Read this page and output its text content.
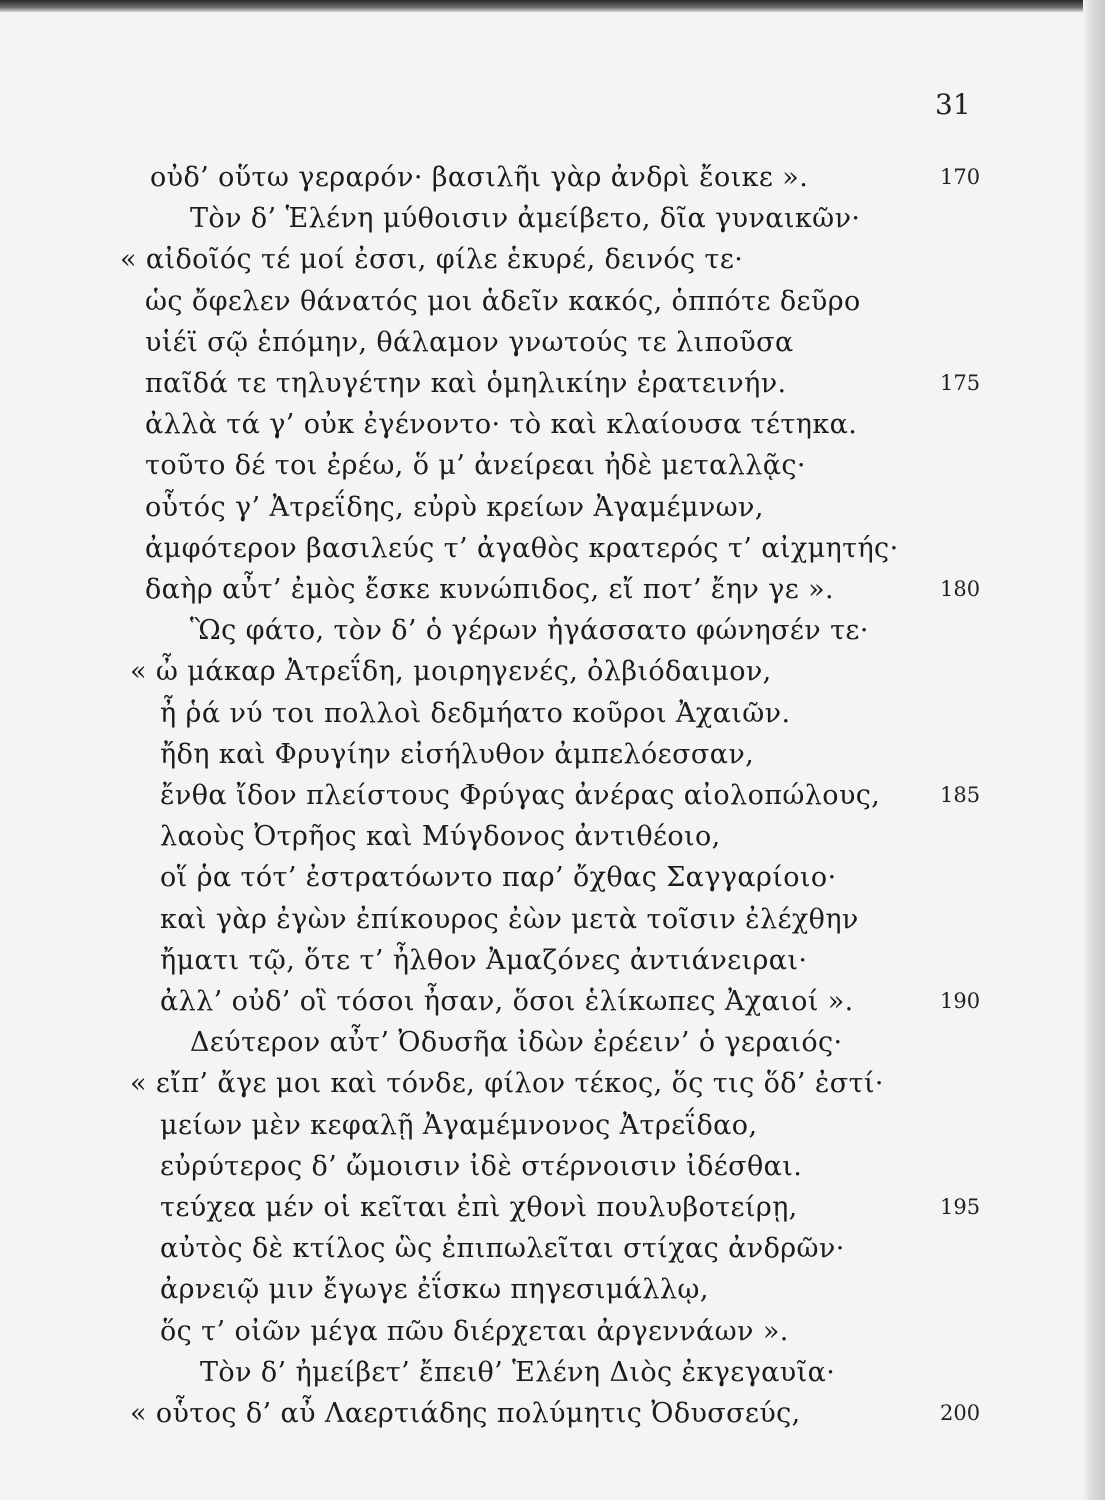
31
οὐδ’ οὕτω γεραρόν· βασιλῆι γὰρ ἀνδρὶ ἔοικε ».	170
Τὸν δ’ Ἑλένη μύθοισιν ἀμείβετο, δῖα γυναικῶν·
« αἰδοῖός τέ μοί ἐσσι, φίλε ἑκυρέ, δεινός τε·
ὡς ὄφελεν θάνατός μοι ἁδεῖν κακός, ὁππότε δεῦρο
υἱέϊ σῷ ἑπόμην, θάλαμον γνωτούς τε λιποῦσα
παῖδά τε τηλυγέτην καὶ ὁμηλικίην ἐρατεινήν.	175
ἀλλὰ τά γ’ οὐκ ἐγένοντο· τὸ καὶ κλαίουσα τέτηκα.
τοῦτο δέ τοι ἐρέω, ὅ μ’ ἀνείρεαι ἠδὲ μεταλλᾷς·
οὗτός γ’ Ἀτρεΐδης, εὐρὺ κρείων Ἀγαμέμνων,
ἀμφότερον βασιλεύς τ’ ἀγαθὸς κρατερός τ’ αἰχμητής·
δαὴρ αὖτ’ ἐμὸς ἔσκε κυνώπιδος, εἴ ποτ’ ἔην γε ».	180
Ὣς φάτο, τὸν δ’ ὁ γέρων ἠγάσσατο φώνησέν τε·
« ὦ μάκαρ Ἀτρεΐδη, μοιρηγενές, ὀλβιόδαιμον,
ἦ ῥά νύ τοι πολλοὶ δεδμήατο κοῦροι Ἀχαιῶν.
ἤδη καὶ Φρυγίην εἰσήλυθον ἀμπελόεσσαν,
ἔνθα ἴδον πλείστους Φρύγας ἀνέρας αἰολοπώλους,	185
λαοὺς Ὀτρῆος καὶ Μύγδονος ἀντιθέοιο,
οἵ ῥα τότ’ ἐστρατόωντο παρ’ ὄχθας Σαγγαρίοιο·
καὶ γὰρ ἐγὼν ἐπίκουρος ἐὼν μετὰ τοῖσιν ἐλέχθην
ἤματι τῷ, ὅτε τ’ ἦλθον Ἀμαζόνες ἀντιάνειραι·
ἀλλ’ οὐδ’ οἳ τόσοι ἦσαν, ὅσοι ἑλίκωπες Ἀχαιοί ».	190
Δεύτερον αὖτ’ Ὀδυσῆα ἰδὼν ἐρέειν’ ὁ γεραιός·
« εἴπ’ ἄγε μοι καὶ τόνδε, φίλον τέκος, ὅς τις ὅδ’ ἐστί·
μείων μὲν κεφαλῇ Ἀγαμέμνονος Ἀτρεΐδαο,
εὐρύτερος δ’ ὤμοισιν ἰδὲ στέρνοισιν ἰδέσθαι.
τεύχεα μέν οἱ κεῖται ἐπὶ χθονὶ πουλυβοτείρῃ,	195
αὐτὸς δὲ κτίλος ὣς ἐπιπωλεῖται στίχας ἀνδρῶν·
ἀρνειῷ μιν ἔγωγε ἐΐσκω πηγεσιμάλλῳ,
ὅς τ’ οἰῶν μέγα πῶυ διέρχεται ἀργεννάων ».
Τὸν δ’ ἠμείβετ’ ἔπειθ’ Ἑλένη Διὸς ἐκγεγαυῖα·
« οὗτος δ’ αὖ Λαερτιάδης πολύμητις Ὀδυσσεύς,	200
